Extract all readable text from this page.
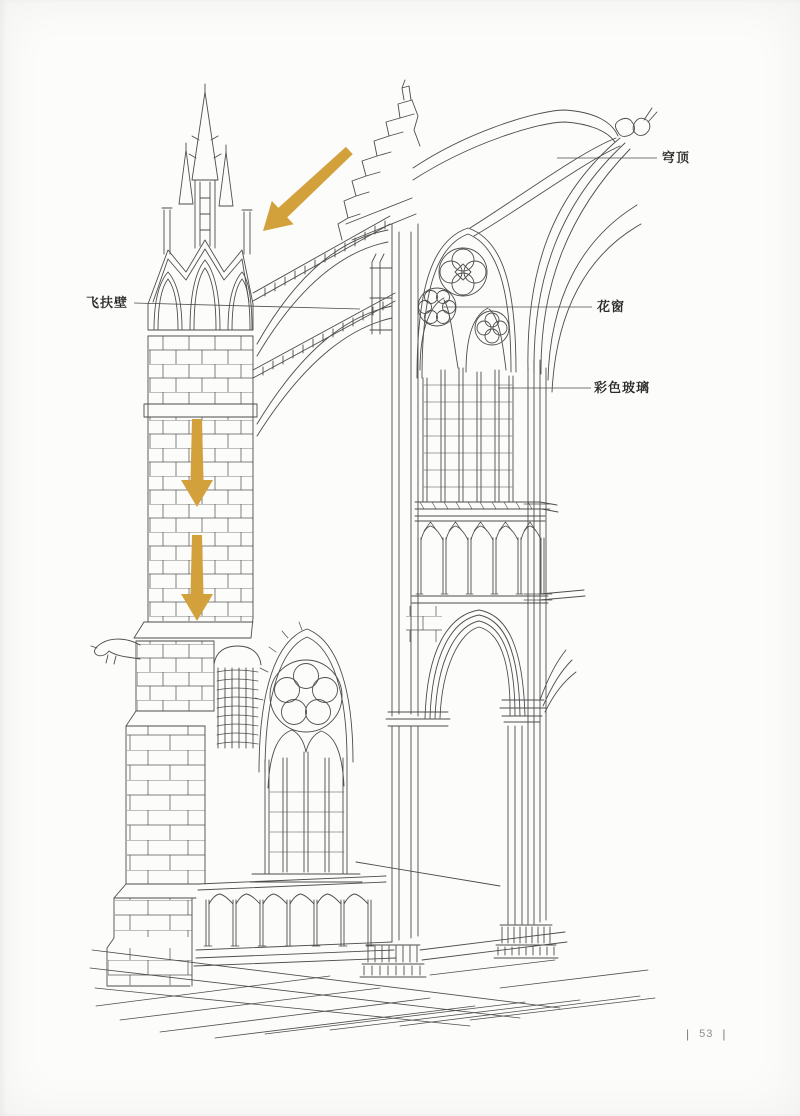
飞扶壁
穹顶
花窗
彩色玻璃
| 53 |
